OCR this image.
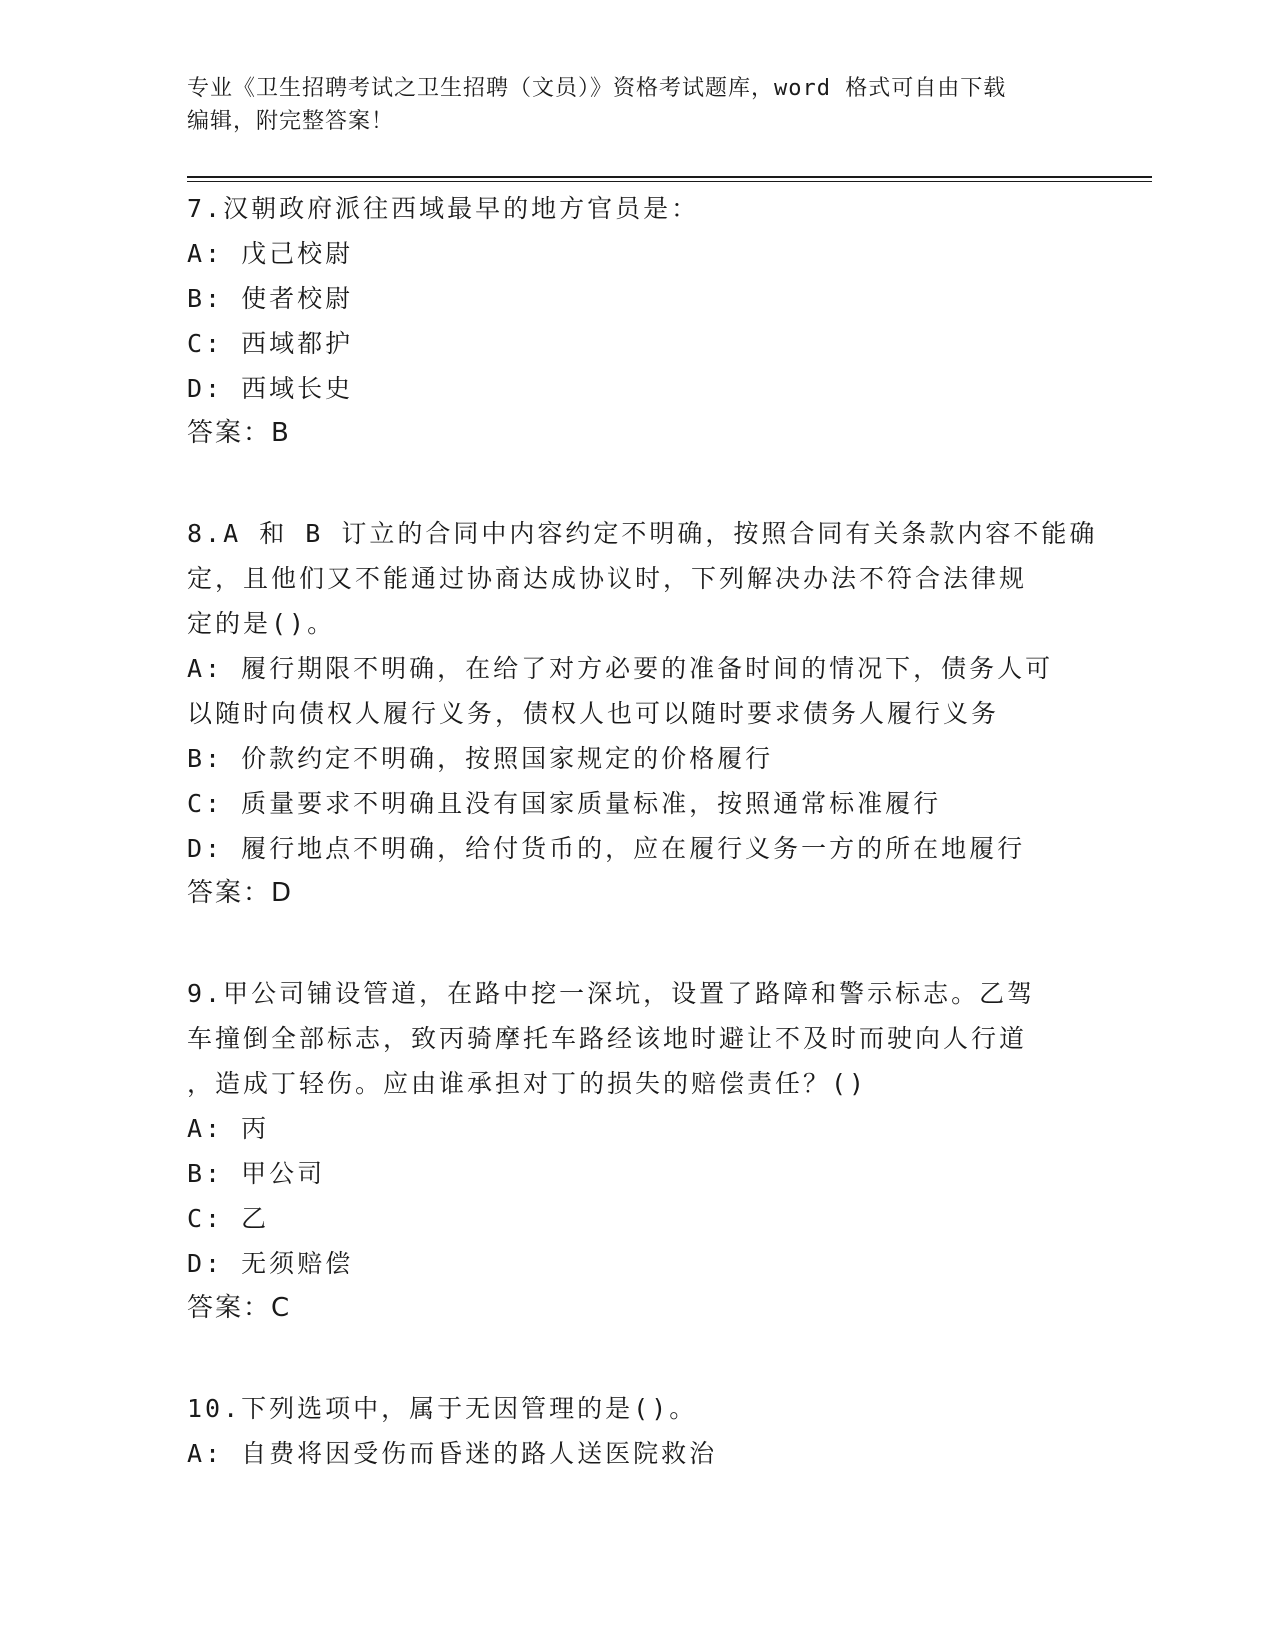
专业《卫生招聘考试之卫生招聘（文员）》资格考试题库，word 格式可自由下载

编辑，附完整答案！

7.汉朝政府派往西域最早的地方官员是：

A: 戊己校尉

B: 使者校尉

C: 西域都护

D: 西域长史

答案：B

8.A 和 B 订立的合同中内容约定不明确，按照合同有关条款内容不能确

定，且他们又不能通过协商达成协议时，下列解决办法不符合法律规

定的是()。

A: 履行期限不明确，在给了对方必要的准备时间的情况下，债务人可

以随时向债权人履行义务，债权人也可以随时要求债务人履行义务

B: 价款约定不明确，按照国家规定的价格履行

C: 质量要求不明确且没有国家质量标准，按照通常标准履行

D: 履行地点不明确，给付货币的，应在履行义务一方的所在地履行

答案：D

9.甲公司铺设管道，在路中挖一深坑，设置了路障和警示标志。乙驾

车撞倒全部标志，致丙骑摩托车路经该地时避让不及时而驶向人行道

，造成丁轻伤。应由谁承担对丁的损失的赔偿责任？()

A: 丙

B: 甲公司

C: 乙

D: 无须赔偿

答案：C

10.下列选项中，属于无因管理的是()。

A: 自费将因受伤而昏迷的路人送医院救治
